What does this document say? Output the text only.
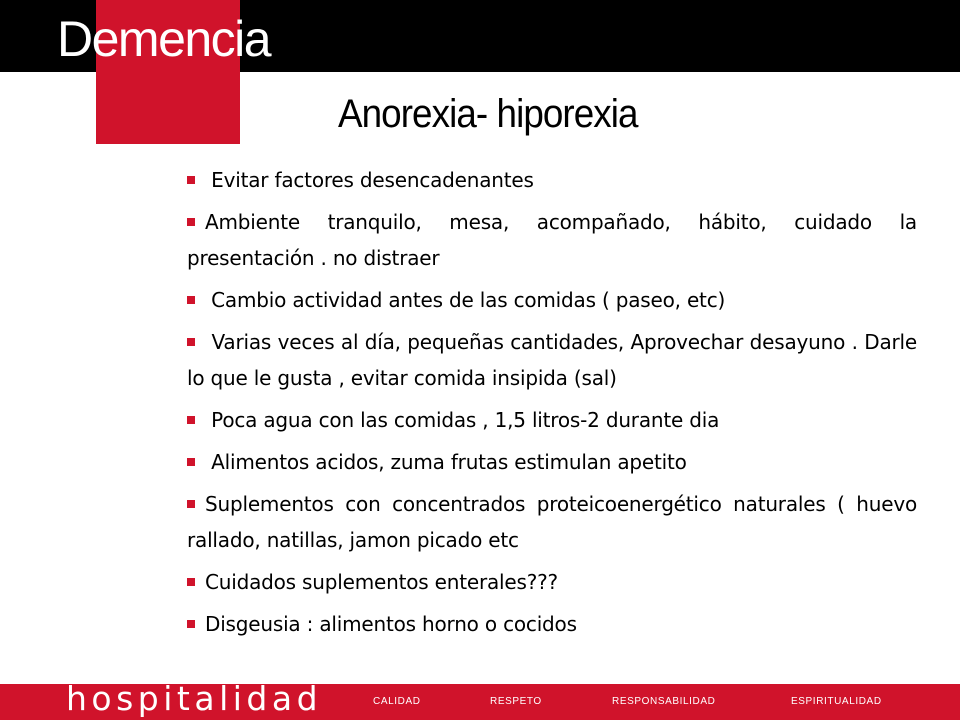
Demencia
Anorexia- hiporexia
Evitar factores desencadenantes
Ambiente tranquilo, mesa, acompañado, hábito, cuidado la presentación . no distraer
Cambio actividad antes de las comidas ( paseo, etc)
Varias veces al día, pequeñas cantidades, Aprovechar desayuno . Darle lo que le gusta , evitar comida insipida (sal)
Poca agua con las comidas , 1,5 litros-2 durante dia
Alimentos acidos, zuma frutas estimulan apetito
Suplementos con concentrados proteicoenergético naturales ( huevo rallado, natillas, jamon picado etc
Cuidados suplementos enterales???
Disgeusia : alimentos horno o cocidos
hospitalidad	CALIDAD	RESPETO	RESPONSABILIDAD	ESPIRITUALIDAD
